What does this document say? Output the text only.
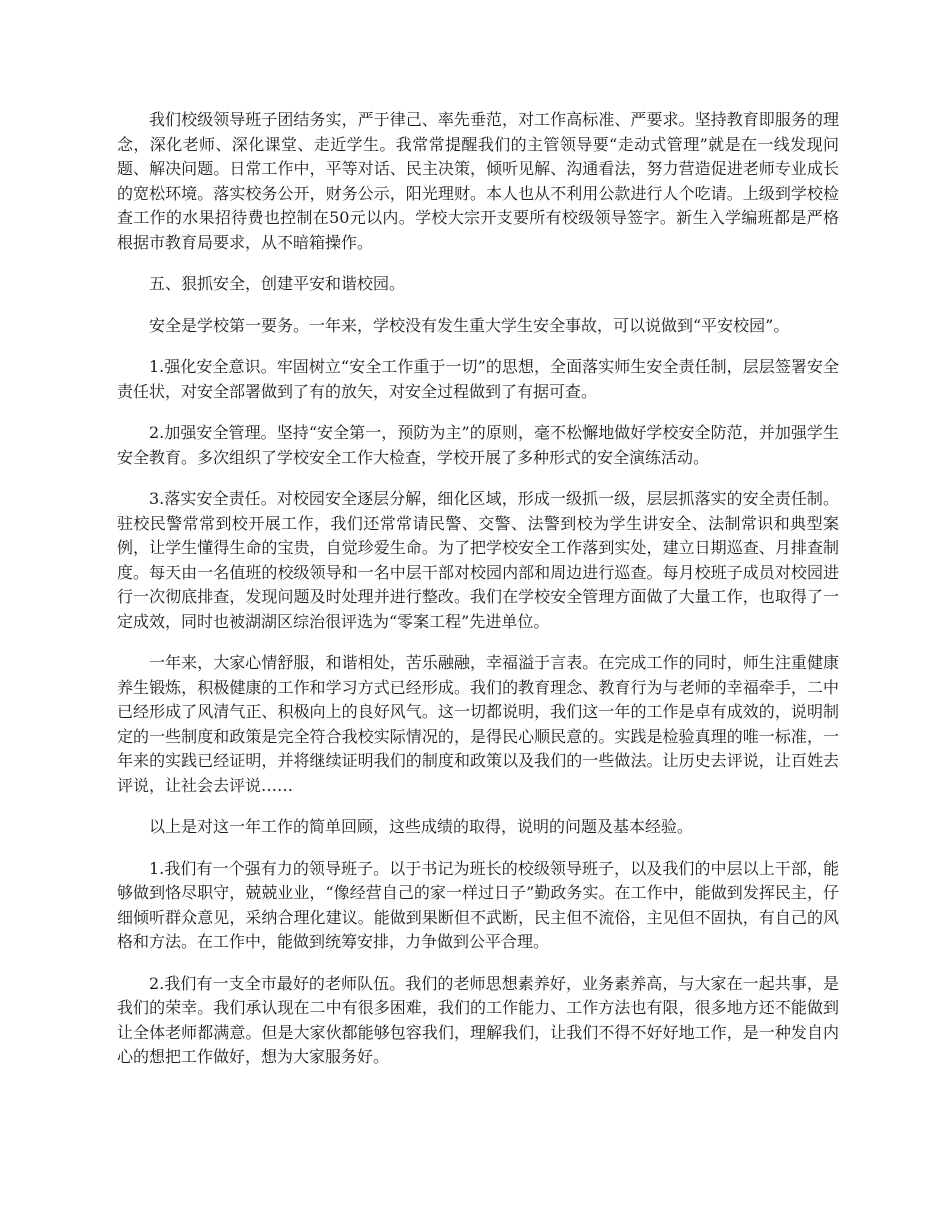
我们校级领导班子团结务实，严于律己、率先垂范，对工作高标准、严要求。坚持教育即服务的理念，深化老师、深化课堂、走近学生。我常常提醒我们的主管领导要“走动式管理”就是在一线发现问题、解决问题。日常工作中，平等对话、民主决策，倾听见解、沟通看法，努力营造促进老师专业成长的宽松环境。落实校务公开，财务公示，阳光理财。本人也从不利用公款进行人个吃请。上级到学校检查工作的水果招待费也控制在50元以内。学校大宗开支要所有校级领导签字。新生入学编班都是严格根据市教育局要求，从不暗箱操作。

五、狠抓安全，创建平安和谐校园。

安全是学校第一要务。一年来，学校没有发生重大学生安全事故，可以说做到“平安校园”。

1.强化安全意识。牢固树立“安全工作重于一切”的思想，全面落实师生安全责任制，层层签署安全责任状，对安全部署做到了有的放矢，对安全过程做到了有据可查。

2.加强安全管理。坚持“安全第一，预防为主”的原则，毫不松懈地做好学校安全防范，并加强学生安全教育。多次组织了学校安全工作大检查，学校开展了多种形式的安全演练活动。

3.落实安全责任。对校园安全逐层分解，细化区域，形成一级抓一级，层层抓落实的安全责任制。驻校民警常常到校开展工作，我们还常常请民警、交警、法警到校为学生讲安全、法制常识和典型案例，让学生懂得生命的宝贵，自觉珍爱生命。为了把学校安全工作落到实处，建立日期巡查、月排查制度。每天由一名值班的校级领导和一名中层干部对校园内部和周边进行巡查。每月校班子成员对校园进行一次彻底排查，发现问题及时处理并进行整改。我们在学校安全管理方面做了大量工作，也取得了一定成效，同时也被湖湖区综治很评选为“零案工程”先进单位。

一年来，大家心情舒服，和谐相处，苦乐融融，幸福溢于言表。在完成工作的同时，师生注重健康养生锻炼，积极健康的工作和学习方式已经形成。我们的教育理念、教育行为与老师的幸福牵手，二中已经形成了风清气正、积极向上的良好风气。这一切都说明，我们这一年的工作是卓有成效的，说明制定的一些制度和政策是完全符合我校实际情况的，是得民心顺民意的。实践是检验真理的唯一标准，一年来的实践已经证明，并将继续证明我们的制度和政策以及我们的一些做法。让历史去评说，让百姓去评说，让社会去评说……

以上是对这一年工作的简单回顾，这些成绩的取得，说明的问题及基本经验。

1.我们有一个强有力的领导班子。以于书记为班长的校级领导班子，以及我们的中层以上干部，能够做到恪尽职守，兢兢业业，“像经营自己的家一样过日子”勤政务实。在工作中，能做到发挥民主，仔细倾听群众意见，采纳合理化建议。能做到果断但不武断，民主但不流俗，主见但不固执，有自己的风格和方法。在工作中，能做到统筹安排，力争做到公平合理。

2.我们有一支全市最好的老师队伍。我们的老师思想素养好，业务素养高，与大家在一起共事，是我们的荣幸。我们承认现在二中有很多困难，我们的工作能力、工作方法也有限，很多地方还不能做到让全体老师都满意。但是大家伙都能够包容我们，理解我们，让我们不得不好好地工作，是一种发自内心的想把工作做好，想为大家服务好。
